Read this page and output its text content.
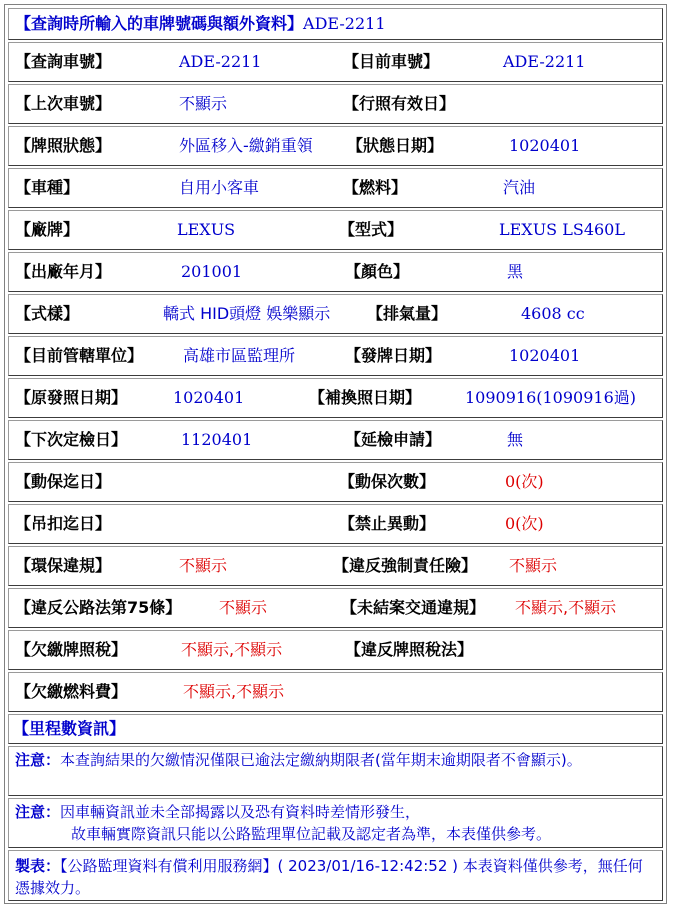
【查詢時所輸入的車牌號碼與額外資料】ADE-2211
【查詢車號】	ADE-2211	【目前車號】	ADE-2211
【上次車號】	不顯示	【行照有效日】
【牌照狀態】	外區移入-繳銷重領 【狀態日期】	1020401
【車種】	自用小客車	【燃料】	汽油
【廠牌】	LEXUS	【型式】	LEXUS LS460L
【出廠年月】	201001	【顏色】	黑
【式樣】	轎式 HID頭燈 娛樂顯示 【排氣量】	4608 cc
【目前管轄單位】 高雄市區監理所	【發牌日期】	1020401
【原發照日期】	1020401	【補換照日期】	1090916(1090916過)
【下次定檢日】	1120401	【延檢申請】	無
【動保迄日】	【動保次數】	0(次)
【吊扣迄日】	【禁止異動】	0(次)
【環保違規】	不顯示	【違反強制責任險】 不顯示
【違反公路法第75條】 不顯示	【未結案交通違規】 不顯示,不顯示
【欠繳牌照稅】	不顯示,不顯示	【違反牌照稅法】
【欠繳燃料費】	不顯示,不顯示
【里程數資訊】
注意：本查詢結果的欠繳情況僅限已逾法定繳納期限者(當年期末逾期限者不會顯示)。
注意：因車輛資訊並未全部揭露以及恐有資料時差情形發生，
故車輛實際資訊只能以公路監理單位記載及認定者為準，本表僅供參考。
製表：【公路監理資料有償利用服務網】( 2023/01/16-12:42:52 ) 本表資料僅供參考，無任何憑據效力。
